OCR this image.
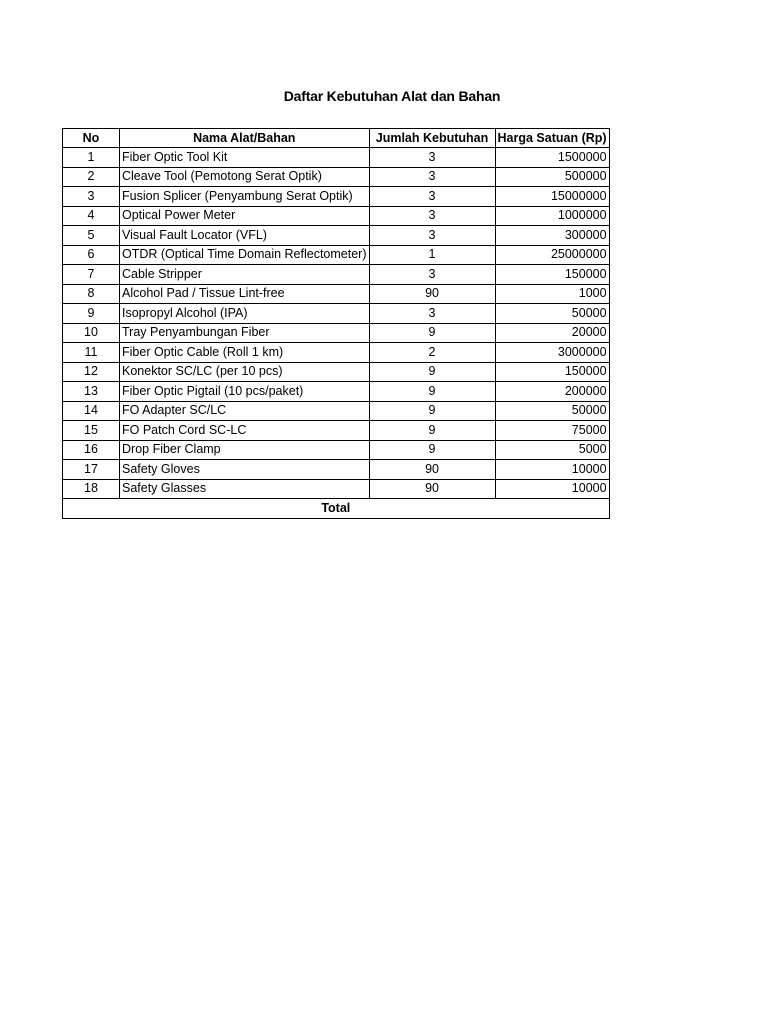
Daftar Kebutuhan Alat dan Bahan
No	Nama Alat/Bahan	Jumlah Kebutuhan	Harga Satuan (Rp)
1	Fiber Optic Tool Kit	3	1500000
2	Cleave Tool (Pemotong Serat Optik)	3	500000
3	Fusion Splicer (Penyambung Serat Optik)	3	15000000
4	Optical Power Meter	3	1000000
5	Visual Fault Locator (VFL)	3	300000
6	OTDR (Optical Time Domain Reflectometer)	1	25000000
7	Cable Stripper	3	150000
8	Alcohol Pad / Tissue Lint-free	90	1000
9	Isopropyl Alcohol (IPA)	3	50000
10	Tray Penyambungan Fiber	9	20000
11	Fiber Optic Cable (Roll 1 km)	2	3000000
12	Konektor SC/LC (per 10 pcs)	9	150000
13	Fiber Optic Pigtail (10 pcs/paket)	9	200000
14	FO Adapter SC/LC	9	50000
15	FO Patch Cord SC-LC	9	75000
16	Drop Fiber Clamp	9	5000
17	Safety Gloves	90	10000
18	Safety Glasses	90	10000
Total			
